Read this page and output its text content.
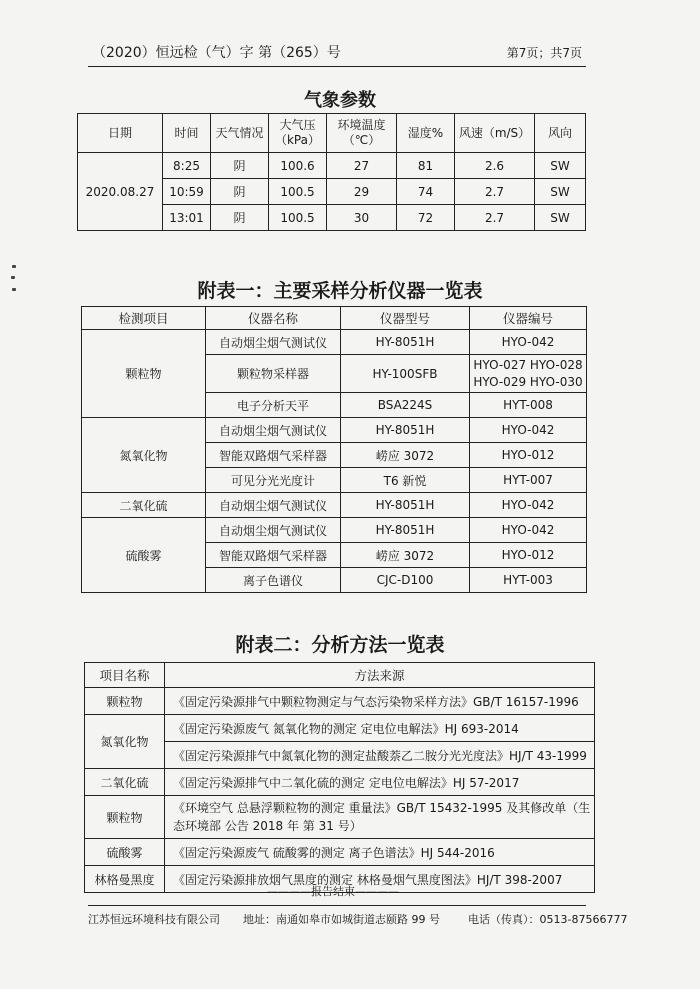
（2020）恒远检（气）字 第（265）号	第7页；共7页
气象参数
日期	时间	天气情况	大气压（kPa）	环境温度（℃）	湿度%	风速（m/S）	风向
2020.08.27	8:25	阴	100.6	27	81	2.6	SW
	10:59	阴	100.5	29	74	2.7	SW
	13:01	阴	100.5	30	72	2.7	SW
附表一：主要采样分析仪器一览表
检测项目	仪器名称	仪器型号	仪器编号
颗粒物	自动烟尘烟气测试仪	HY-8051H	HYO-042
	颗粒物采样器	HY-100SFB	HYO-027 HYO-028 HYO-029 HYO-030
	电子分析天平	BSA224S	HYT-008
氮氧化物	自动烟尘烟气测试仪	HY-8051H	HYO-042
	智能双路烟气采样器	崂应 3072	HYO-012
	可见分光光度计	T6 新悦	HYT-007
二氧化硫	自动烟尘烟气测试仪	HY-8051H	HYO-042
硫酸雾	自动烟尘烟气测试仪	HY-8051H	HYO-042
	智能双路烟气采样器	崂应 3072	HYO-012
	离子色谱仪	CJC-D100	HYT-003
附表二：分析方法一览表
项目名称	方法来源
颗粒物	《固定污染源排气中颗粒物测定与气态污染物采样方法》GB/T 16157-1996
氮氧化物	《固定污染源废气 氮氧化物的测定 定电位电解法》HJ 693-2014
	《固定污染源排气中氮氧化物的测定盐酸萘乙二胺分光光度法》HJ/T 43-1999
二氧化硫	《固定污染源排气中二氧化硫的测定 定电位电解法》HJ 57-2017
颗粒物	《环境空气 总悬浮颗粒物的测定 重量法》GB/T 15432-1995 及其修改单（生态环境部 公告 2018 年 第 31 号）
硫酸雾	《固定污染源废气 硫酸雾的测定 离子色谱法》HJ 544-2016
林格曼黑度	《固定污染源排放烟气黑度的测定 林格曼烟气黑度图法》HJ/T 398-2007
————报告结束————
江苏恒远环境科技有限公司 地址：南通如皋市如城街道志颐路 99 号	电话（传真）：0513-87566777
